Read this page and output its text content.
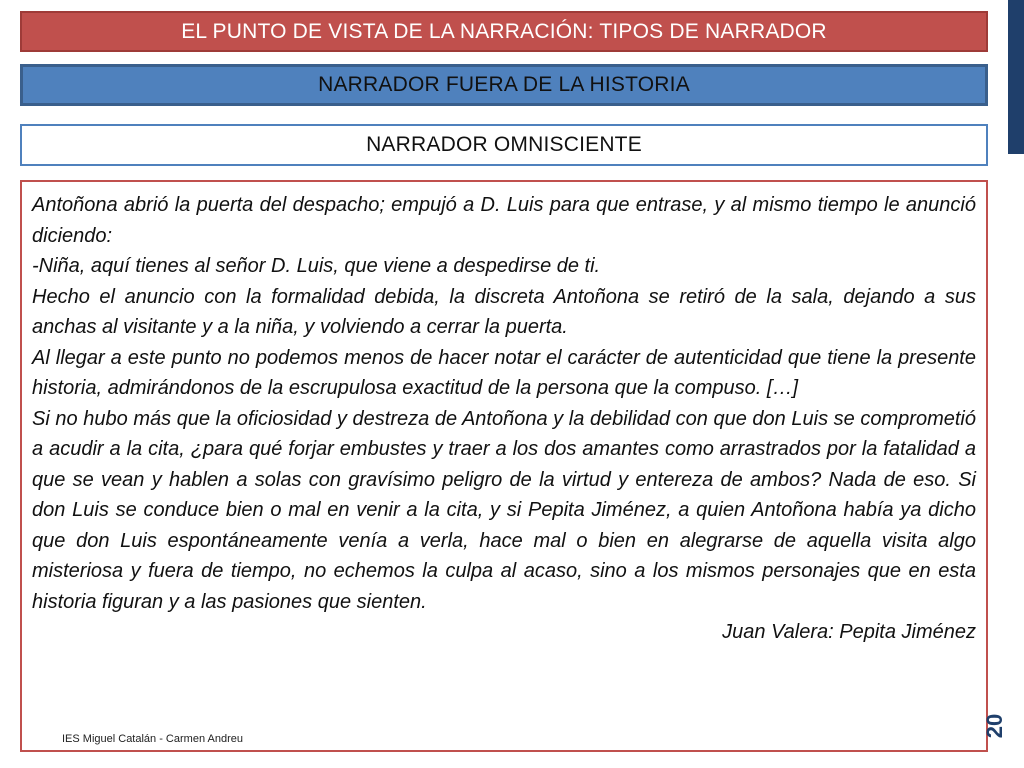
EL PUNTO DE VISTA DE LA NARRACIÓN: TIPOS DE NARRADOR
NARRADOR FUERA DE LA HISTORIA
NARRADOR OMNISCIENTE

Antoñona abrió la puerta del despacho; empujó a D. Luis para que entrase, y al mismo tiempo le anunció diciendo:

-Niña, aquí tienes al señor D. Luis, que viene a despedirse de ti.

Hecho el anuncio con la formalidad debida, la discreta Antoñona se retiró de la sala, dejando a sus anchas al visitante y a la niña, y volviendo a cerrar la puerta.

Al llegar a este punto no podemos menos de hacer notar el carácter de autenticidad que tiene la presente historia, admirándonos de la escrupulosa exactitud de la persona que la compuso. […]

Si no hubo más que la oficiosidad y destreza de Antoñona y la debilidad con que don Luis se comprometió a acudir a la cita, ¿para qué forjar embustes y traer a los dos amantes como arrastrados por la fatalidad a que se vean y hablen a solas con gravísimo peligro de la virtud y entereza de ambos? Nada de eso. Si don Luis se conduce bien o mal en venir a la cita, y si Pepita Jiménez, a quien Antoñona había ya dicho que don Luis espontáneamente venía a verla, hace mal o bien en alegrarse de aquella visita algo misteriosa y fuera de tiempo, no echemos la culpa al acaso, sino a los mismos personajes que en esta historia figuran y a las pasiones que sienten.

Juan Valera: Pepita Jiménez

IES Miguel Catalán - Carmen Andreu
20
